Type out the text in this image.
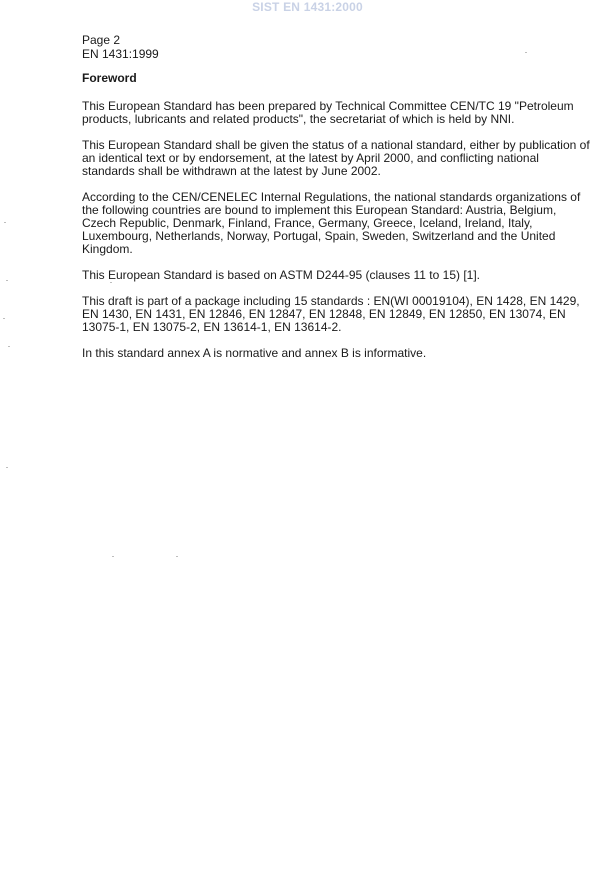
SIST EN 1431:2000
Page 2
EN 1431:1999
Foreword

This European Standard has been prepared by Technical Committee CEN/TC 19 "Petroleum products, lubricants and related products", the secretariat of which is held by NNI.

This European Standard shall be given the status of a national standard, either by publication of an identical text or by endorsement, at the latest by April 2000, and conflicting national standards shall be withdrawn at the latest by June 2002.

According to the CEN/CENELEC Internal Regulations, the national standards organizations of the following countries are bound to implement this European Standard: Austria, Belgium, Czech Republic, Denmark, Finland, France, Germany, Greece, Iceland, Ireland, Italy, Luxembourg, Netherlands, Norway, Portugal, Spain, Sweden, Switzerland and the United Kingdom.

This European Standard is based on ASTM D244-95 (clauses 11 to 15) [1].

This draft is part of a package including 15 standards : EN(WI 00019104), EN 1428, EN 1429, EN 1430, EN 1431, EN 12846, EN 12847, EN 12848, EN 12849, EN 12850, EN 13074, EN 13075-1, EN 13075-2, EN 13614-1, EN 13614-2.

In this standard annex A is normative and annex B is informative.
